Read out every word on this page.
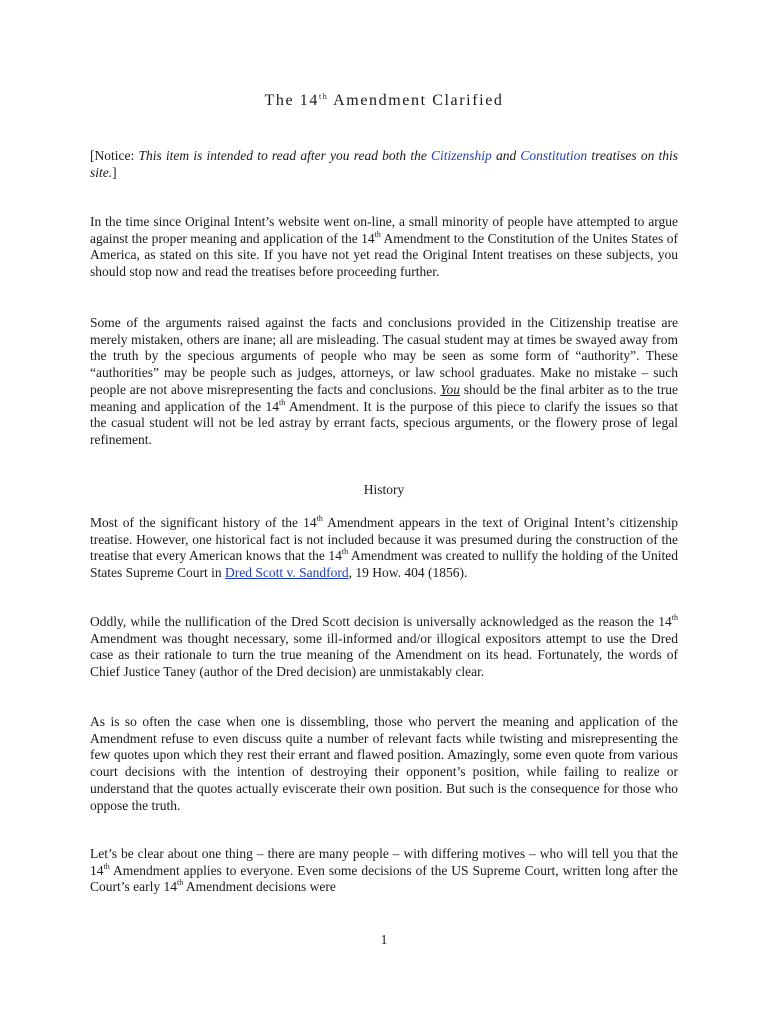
The 14th Amendment Clarified
[Notice: This item is intended to read after you read both the Citizenship and Constitution treatises on this site.]
In the time since Original Intent’s website went on-line, a small minority of people have attempted to argue against the proper meaning and application of the 14th Amendment to the Constitution of the Unites States of America, as stated on this site. If you have not yet read the Original Intent treatises on these subjects, you should stop now and read the treatises before proceeding further.
Some of the arguments raised against the facts and conclusions provided in the Citizenship treatise are merely mistaken, others are inane; all are misleading. The casual student may at times be swayed away from the truth by the specious arguments of people who may be seen as some form of “authority”. These “authorities” may be people such as judges, attorneys, or law school graduates. Make no mistake – such people are not above misrepresenting the facts and conclusions. You should be the final arbiter as to the true meaning and application of the 14th Amendment. It is the purpose of this piece to clarify the issues so that the casual student will not be led astray by errant facts, specious arguments, or the flowery prose of legal refinement.
History
Most of the significant history of the 14th Amendment appears in the text of Original Intent’s citizenship treatise. However, one historical fact is not included because it was presumed during the construction of the treatise that every American knows that the 14th Amendment was created to nullify the holding of the United States Supreme Court in Dred Scott v. Sandford, 19 How. 404 (1856).
Oddly, while the nullification of the Dred Scott decision is universally acknowledged as the reason the 14th Amendment was thought necessary, some ill-informed and/or illogical expositors attempt to use the Dred case as their rationale to turn the true meaning of the Amendment on its head. Fortunately, the words of Chief Justice Taney (author of the Dred decision) are unmistakably clear.
As is so often the case when one is dissembling, those who pervert the meaning and application of the Amendment refuse to even discuss quite a number of relevant facts while twisting and misrepresenting the few quotes upon which they rest their errant and flawed position. Amazingly, some even quote from various court decisions with the intention of destroying their opponent’s position, while failing to realize or understand that the quotes actually eviscerate their own position. But such is the consequence for those who oppose the truth.
Let’s be clear about one thing – there are many people – with differing motives – who will tell you that the 14th Amendment applies to everyone. Even some decisions of the US Supreme Court, written long after the Court’s early 14th Amendment decisions were
1
